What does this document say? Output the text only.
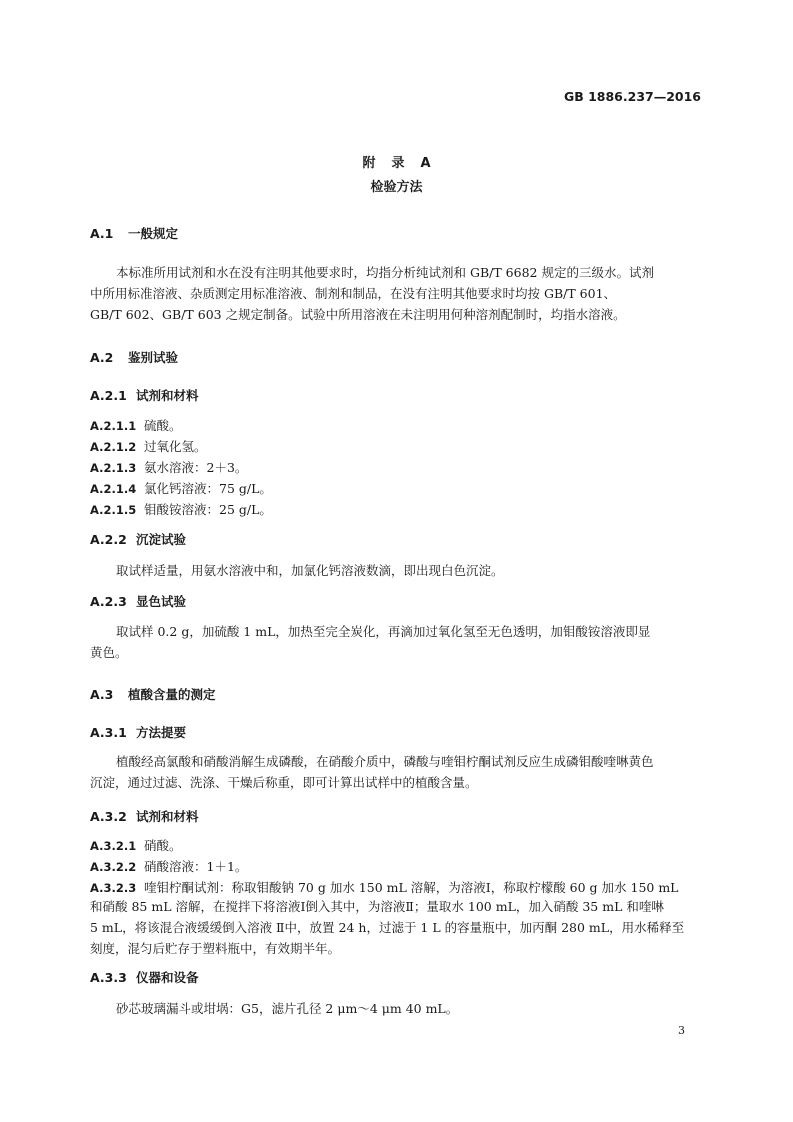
GB 1886.237—2016
附 录 A
检验方法
A.1 一般规定
本标准所用试剂和水在没有注明其他要求时，均指分析纯试剂和 GB/T 6682 规定的三级水。试剂
中所用标准溶液、杂质测定用标准溶液、制剂和制品，在没有注明其他要求时均按 GB/T 601、
GB/T 602、GB/T 603 之规定制备。试验中所用溶液在未注明用何种溶剂配制时，均指水溶液。
A.2 鉴别试验
A.2.1 试剂和材料
A.2.1.1 硫酸。
A.2.1.2 过氧化氢。
A.2.1.3 氨水溶液：2＋3。
A.2.1.4 氯化钙溶液：75 g/L。
A.2.1.5 钼酸铵溶液：25 g/L。
A.2.2 沉淀试验
取试样适量，用氨水溶液中和，加氯化钙溶液数滴，即出现白色沉淀。
A.2.3 显色试验
取试样 0.2 g，加硫酸 1 mL，加热至完全炭化，再滴加过氧化氢至无色透明，加钼酸铵溶液即显
黄色。
A.3 植酸含量的测定
A.3.1 方法提要
植酸经高氯酸和硝酸消解生成磷酸，在硝酸介质中，磷酸与喹钼柠酮试剂反应生成磷钼酸喹啉黄色
沉淀，通过过滤、洗涤、干燥后称重，即可计算出试样中的植酸含量。
A.3.2 试剂和材料
A.3.2.1 硝酸。
A.3.2.2 硝酸溶液：1＋1。
A.3.2.3 喹钼柠酮试剂：称取钼酸钠 70 g 加水 150 mL 溶解，为溶液Ⅰ，称取柠檬酸 60 g 加水 150 mL
和硝酸 85 mL 溶解，在搅拌下将溶液Ⅰ倒入其中，为溶液Ⅱ；量取水 100 mL，加入硝酸 35 mL 和喹啉
5 mL，将该混合液缓缓倒入溶液 Ⅱ中，放置 24 h，过滤于 1 L 的容量瓶中，加丙酮 280 mL，用水稀释至
刻度，混匀后贮存于塑料瓶中，有效期半年。
A.3.3 仪器和设备
砂芯玻璃漏斗或坩埚：G5，滤片孔径 2 μm～4 μm 40 mL。
3
